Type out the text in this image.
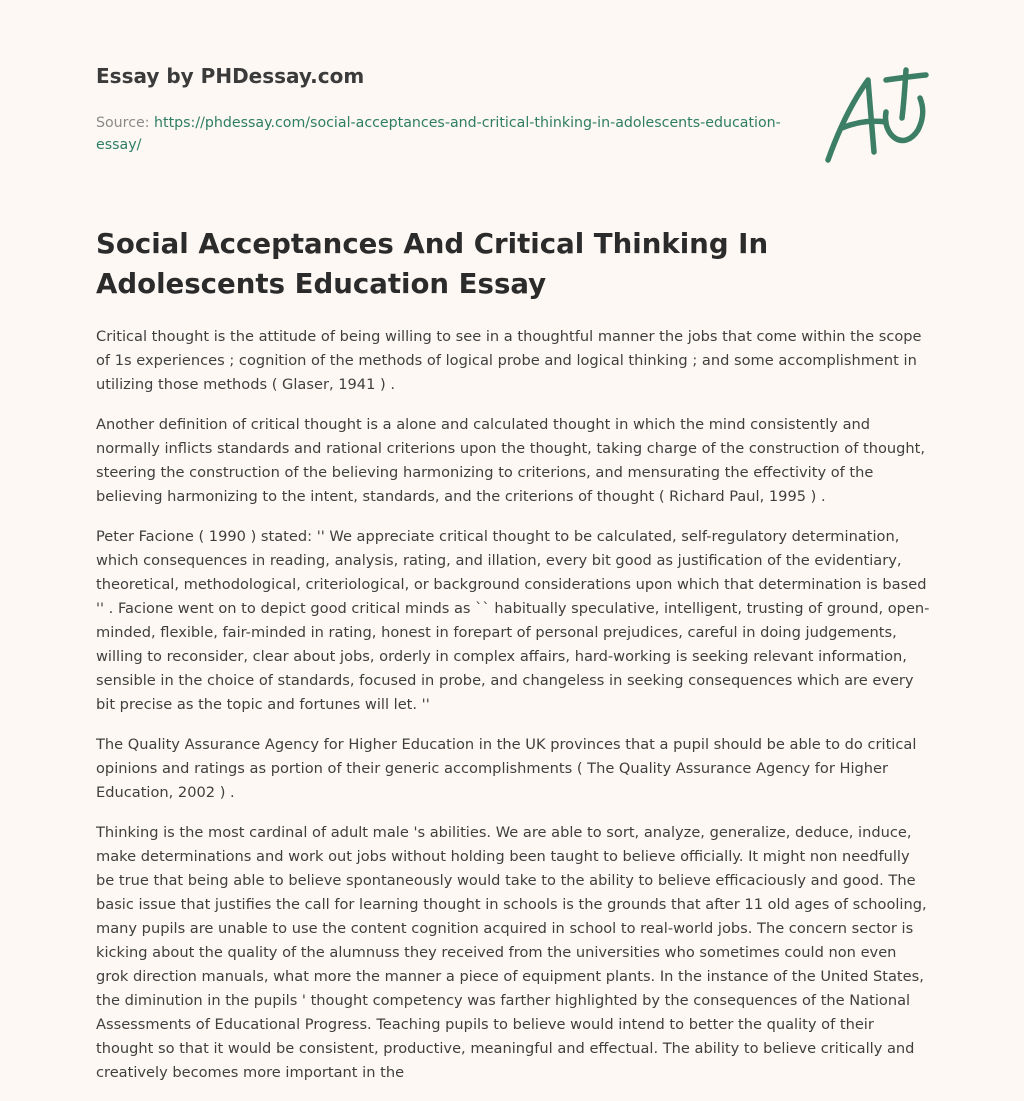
Essay by PHDessay.com
Source: https://phdessay.com/social-acceptances-and-critical-thinking-in-adolescents-education-essay/
Social Acceptances And Critical Thinking In Adolescents Education Essay

Critical thought is the attitude of being willing to see in a thoughtful manner the jobs that come within the scope of 1s experiences ; cognition of the methods of logical probe and logical thinking ; and some accomplishment in utilizing those methods ( Glaser, 1941 ) .

Another definition of critical thought is a alone and calculated thought in which the mind consistently and normally inflicts standards and rational criterions upon the thought, taking charge of the construction of thought, steering the construction of the believing harmonizing to criterions, and mensurating the effectivity of the believing harmonizing to the intent, standards, and the criterions of thought ( Richard Paul, 1995 ) .

Peter Facione ( 1990 ) stated: '' We appreciate critical thought to be calculated, self-regulatory determination, which consequences in reading, analysis, rating, and illation, every bit good as justification of the evidentiary, theoretical, methodological, criteriological, or background considerations upon which that determination is based '' . Facione went on to depict good critical minds as `` habitually speculative, intelligent, trusting of ground, open-minded, flexible, fair-minded in rating, honest in forepart of personal prejudices, careful in doing judgements, willing to reconsider, clear about jobs, orderly in complex affairs, hard-working is seeking relevant information, sensible in the choice of standards, focused in probe, and changeless in seeking consequences which are every bit precise as the topic and fortunes will let. ''

The Quality Assurance Agency for Higher Education in the UK provinces that a pupil should be able to do critical opinions and ratings as portion of their generic accomplishments ( The Quality Assurance Agency for Higher Education, 2002 ) .

Thinking is the most cardinal of adult male 's abilities. We are able to sort, analyze, generalize, deduce, induce, make determinations and work out jobs without holding been taught to believe officially. It might non needfully be true that being able to believe spontaneously would take to the ability to believe efficaciously and good. The basic issue that justifies the call for learning thought in schools is the grounds that after 11 old ages of schooling, many pupils are unable to use the content cognition acquired in school to real-world jobs. The concern sector is kicking about the quality of the alumnuss they received from the universities who sometimes could non even grok direction manuals, what more the manner a piece of equipment plants. In the instance of the United States, the diminution in the pupils ' thought competency was farther highlighted by the consequences of the National Assessments of Educational Progress. Teaching pupils to believe would intend to better the quality of their thought so that it would be consistent, productive, meaningful and effectual. The ability to believe critically and creatively becomes more important in the
